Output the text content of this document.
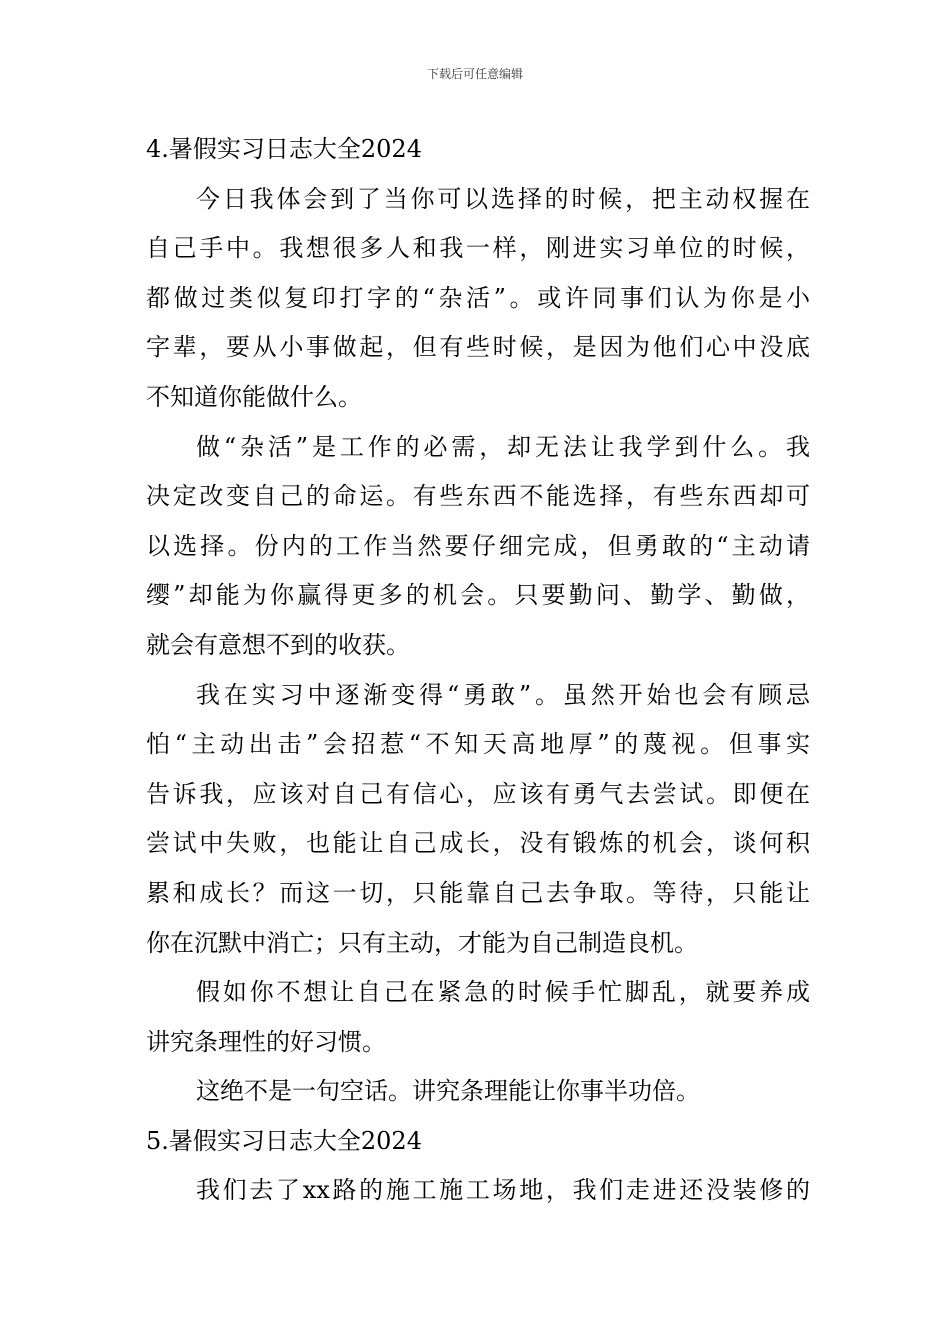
下载后可任意编辑
4.暑假实习日志大全2024
今日我体会到了当你可以选择的时候，把主动权握在
自己手中。我想很多人和我一样，刚进实习单位的时候，
都做过类似复印打字的“杂活”。或许同事们认为你是小
字辈，要从小事做起，但有些时候，是因为他们心中没底
不知道你能做什么。
做“杂活”是工作的必需，却无法让我学到什么。我
决定改变自己的命运。有些东西不能选择，有些东西却可
以选择。份内的工作当然要仔细完成，但勇敢的“主动请
缨”却能为你赢得更多的机会。只要勤问、勤学、勤做，
就会有意想不到的收获。
我在实习中逐渐变得“勇敢”。虽然开始也会有顾忌
怕“主动出击”会招惹“不知天高地厚”的蔑视。但事实
告诉我，应该对自己有信心，应该有勇气去尝试。即便在
尝试中失败，也能让自己成长，没有锻炼的机会，谈何积
累和成长？而这一切，只能靠自己去争取。等待，只能让
你在沉默中消亡；只有主动，才能为自己制造良机。
假如你不想让自己在紧急的时候手忙脚乱，就要养成
讲究条理性的好习惯。
这绝不是一句空话。讲究条理能让你事半功倍。
5.暑假实习日志大全2024
我们去了xx路的施工施工场地，我们走进还没装修的
